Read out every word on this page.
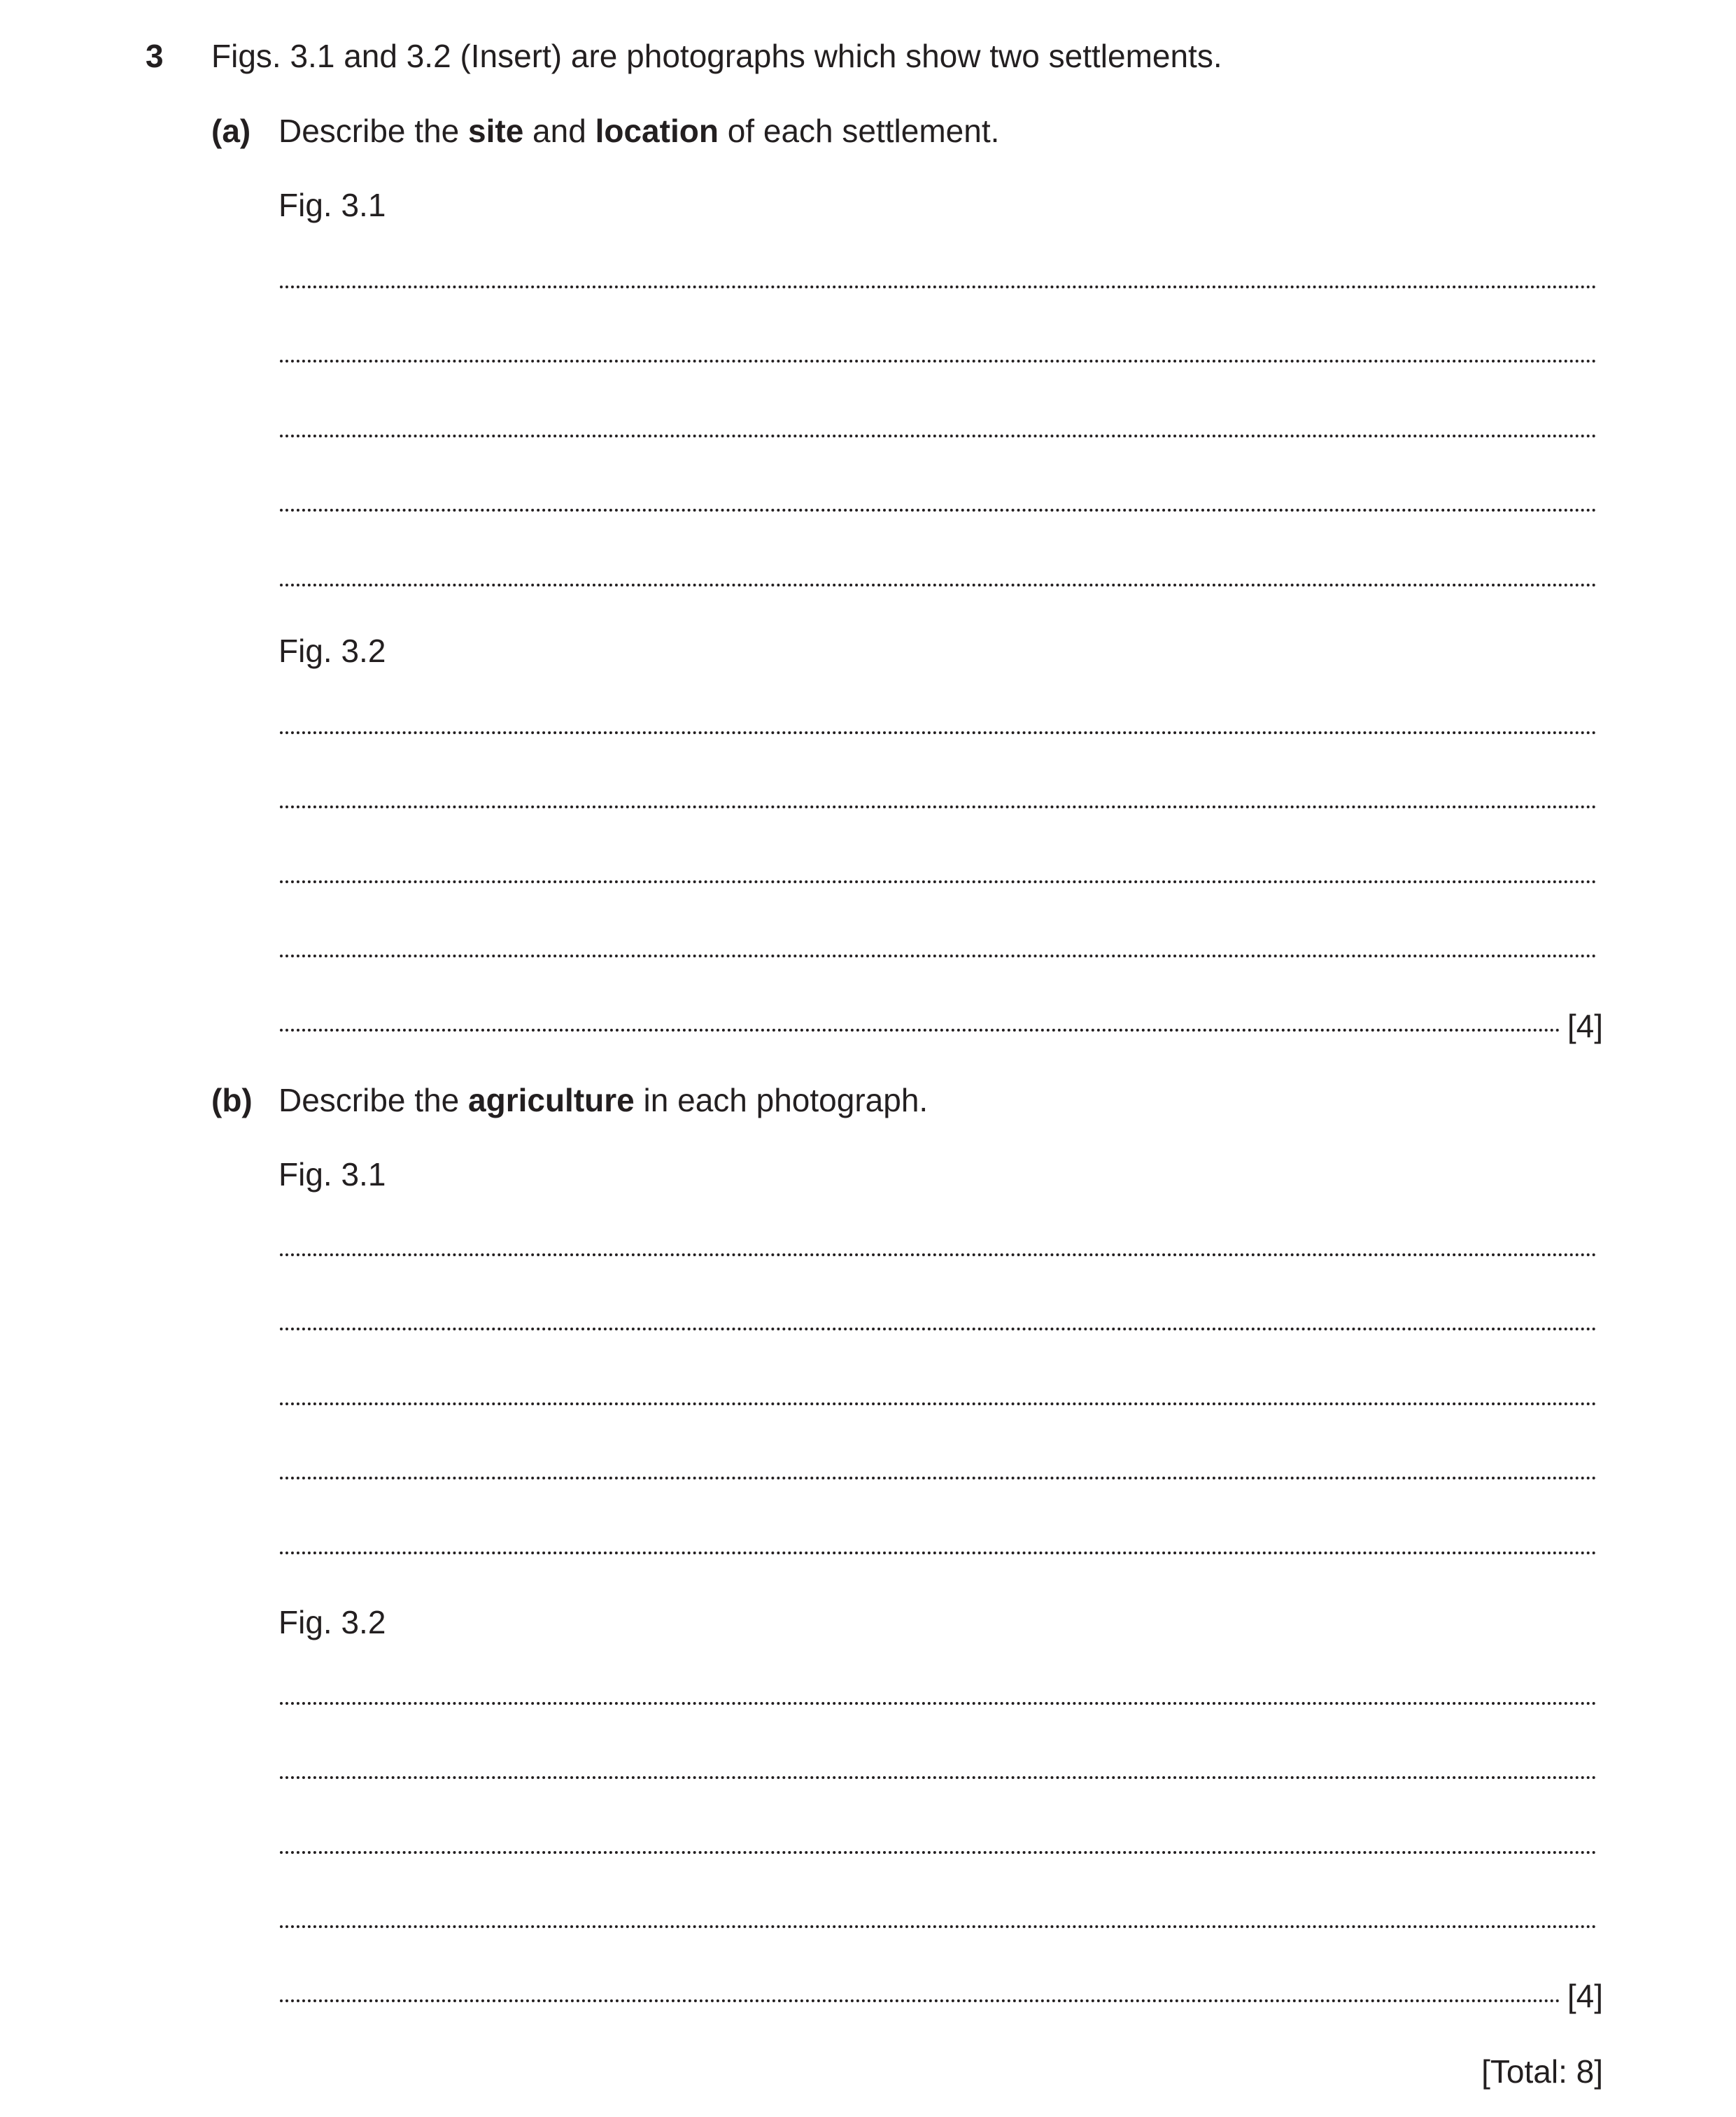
3 Figs. 3.1 and 3.2 (Insert) are photographs which show two settlements.
(a) Describe the site and location of each settlement.
Fig. 3.1
Fig. 3.2
[4]
(b) Describe the agriculture in each photograph.
Fig. 3.1
Fig. 3.2
[4]
[Total: 8]
